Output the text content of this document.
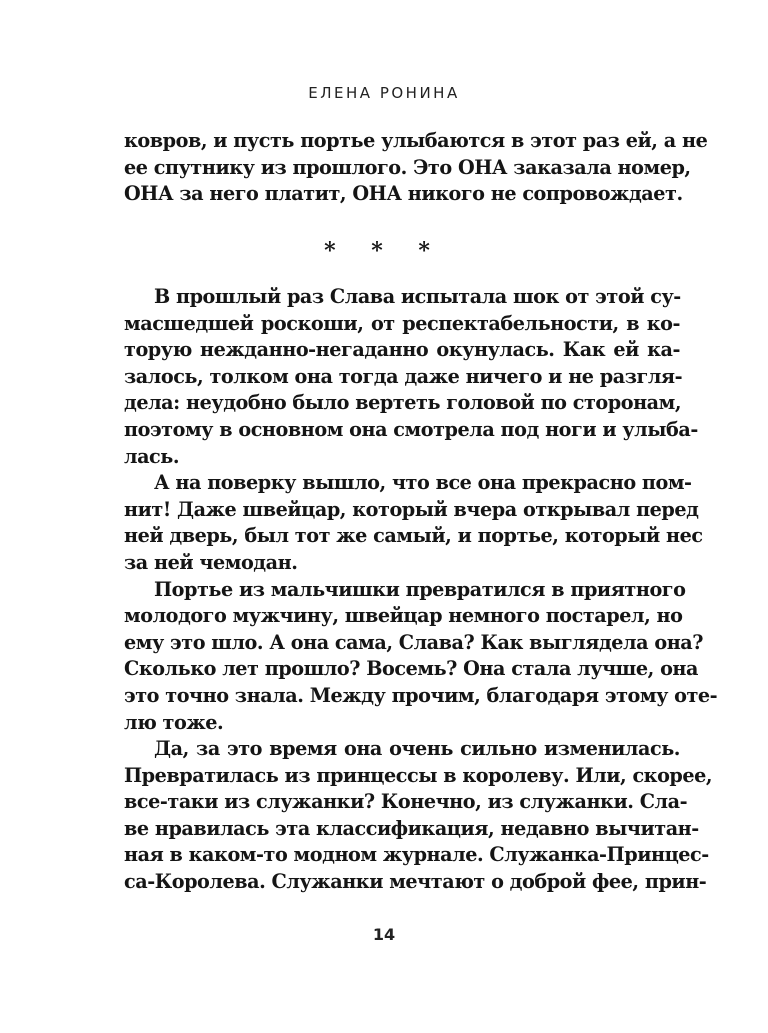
ЕЛЕНА РОНИНА
ковров, и пусть портье улыбаются в этот раз ей, а не
ее спутнику из прошлого. Это ОНА заказала номер,
ОНА за него платит, ОНА никого не сопровождает.
* * *
В прошлый раз Слава испытала шок от этой су-
масшедшей роскоши, от респектабельности, в ко-
торую нежданно-негаданно окунулась. Как ей ка-
залось, толком она тогда даже ничего и не разгля-
дела: неудобно было вертеть головой по сторонам,
поэтому в основном она смотрела под ноги и улыба-
лась.
А на поверку вышло, что все она прекрасно пом-
нит! Даже швейцар, который вчера открывал перед
ней дверь, был тот же самый, и портье, который нес
за ней чемодан.
Портье из мальчишки превратился в приятного
молодого мужчину, швейцар немного постарел, но
ему это шло. А она сама, Слава? Как выглядела она?
Сколько лет прошло? Восемь? Она стала лучше, она
это точно знала. Между прочим, благодаря этому оте-
лю тоже.
Да, за это время она очень сильно изменилась.
Превратилась из принцессы в королеву. Или, скорее,
все-таки из служанки? Конечно, из служанки. Сла-
ве нравилась эта классификация, недавно вычитан-
ная в каком-то модном журнале. Служанка-Принцес-
са-Королева. Служанки мечтают о доброй фее, прин-
14
